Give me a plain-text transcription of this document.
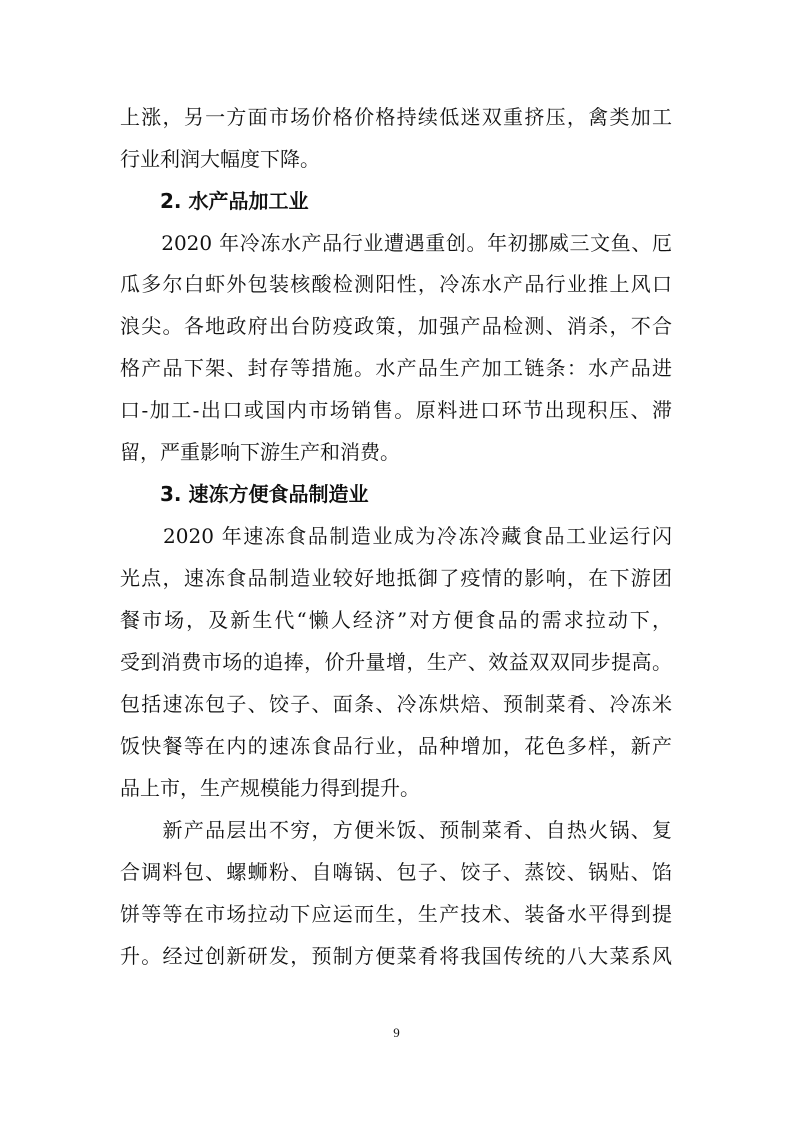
上涨，另一方面市场价格价格持续低迷双重挤压，禽类加工
行业利润大幅度下降。
2. 水产品加工业
　　2020 年冷冻水产品行业遭遇重创。年初挪威三文鱼、厄
瓜多尔白虾外包装核酸检测阳性，冷冻水产品行业推上风口
浪尖。各地政府出台防疫政策，加强产品检测、消杀，不合
格产品下架、封存等措施。水产品生产加工链条：水产品进
口-加工-出口或国内市场销售。原料进口环节出现积压、滞
留，严重影响下游生产和消费。
3. 速冻方便食品制造业
　　2020 年速冻食品制造业成为冷冻冷藏食品工业运行闪
光点，速冻食品制造业较好地抵御了疫情的影响，在下游团
餐市场，及新生代“懒人经济”对方便食品的需求拉动下，
受到消费市场的追捧，价升量增，生产、效益双双同步提高。
包括速冻包子、饺子、面条、冷冻烘焙、预制菜肴、冷冻米
饭快餐等在内的速冻食品行业，品种增加，花色多样，新产
品上市，生产规模能力得到提升。
　　新产品层出不穷，方便米饭、预制菜肴、自热火锅、复
合调料包、螺蛳粉、自嗨锅、包子、饺子、蒸饺、锅贴、馅
饼等等在市场拉动下应运而生，生产技术、装备水平得到提
升。经过创新研发，预制方便菜肴将我国传统的八大菜系风
9
